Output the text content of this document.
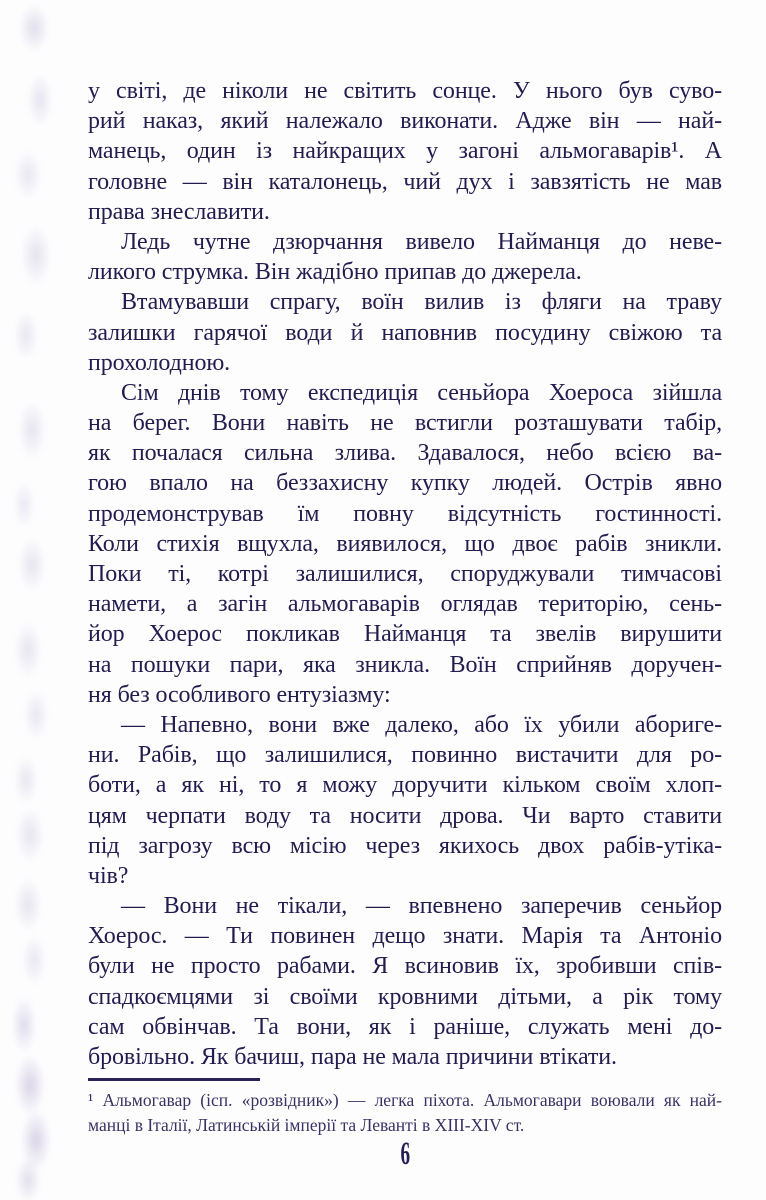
у світі, де ніколи не світить сонце. У нього був суво-
рий наказ, який належало виконати. Адже він — най-
манець, один із найкращих у загоні альмогаварів¹. А
головне — він каталонець, чий дух і завзятість не мав
права знеславити.
Ледь чутне дзюрчання вивело Найманця до неве-
ликого струмка. Він жадібно припав до джерела.
Втамувавши спрагу, воїн вилив із фляги на траву
залишки гарячої води й наповнив посудину свіжою та
прохолодною.
Сім днів тому експедиція сеньйора Хоероса зійшла
на берег. Вони навіть не встигли розташувати табір,
як почалася сильна злива. Здавалося, небо всією ва-
гою впало на беззахисну купку людей. Острів явно
продемонстрував їм повну відсутність гостинності.
Коли стихія вщухла, виявилося, що двоє рабів зникли.
Поки ті, котрі залишилися, споруджували тимчасові
намети, а загін альмогаварів оглядав територію, сень-
йор Хоерос покликав Найманця та звелів вирушити
на пошуки пари, яка зникла. Воїн сприйняв доручен-
ня без особливого ентузіазму:
— Напевно, вони вже далеко, або їх убили абориге-
ни. Рабів, що залишилися, повинно вистачити для ро-
боти, а як ні, то я можу доручити кільком своїм хлоп-
цям черпати воду та носити дрова. Чи варто ставити
під загрозу всю місію через якихось двох рабів-утіка-
чів?
— Вони не тікали, — впевнено заперечив сеньйор
Хоерос. — Ти повинен дещо знати. Марія та Антоніо
були не просто рабами. Я всиновив їх, зробивши спів-
спадкоємцями зі своїми кровними дітьми, а рік тому
сам обвінчав. Та вони, як і раніше, служать мені до-
бровільно. Як бачиш, пара не мала причини втікати.
¹ Альмогавар (ісп. «розвідник») — легка піхота. Альмогавари воювали як най-
манці в Італії, Латинській імперії та Леванті в XIII-XIV ст.
6
